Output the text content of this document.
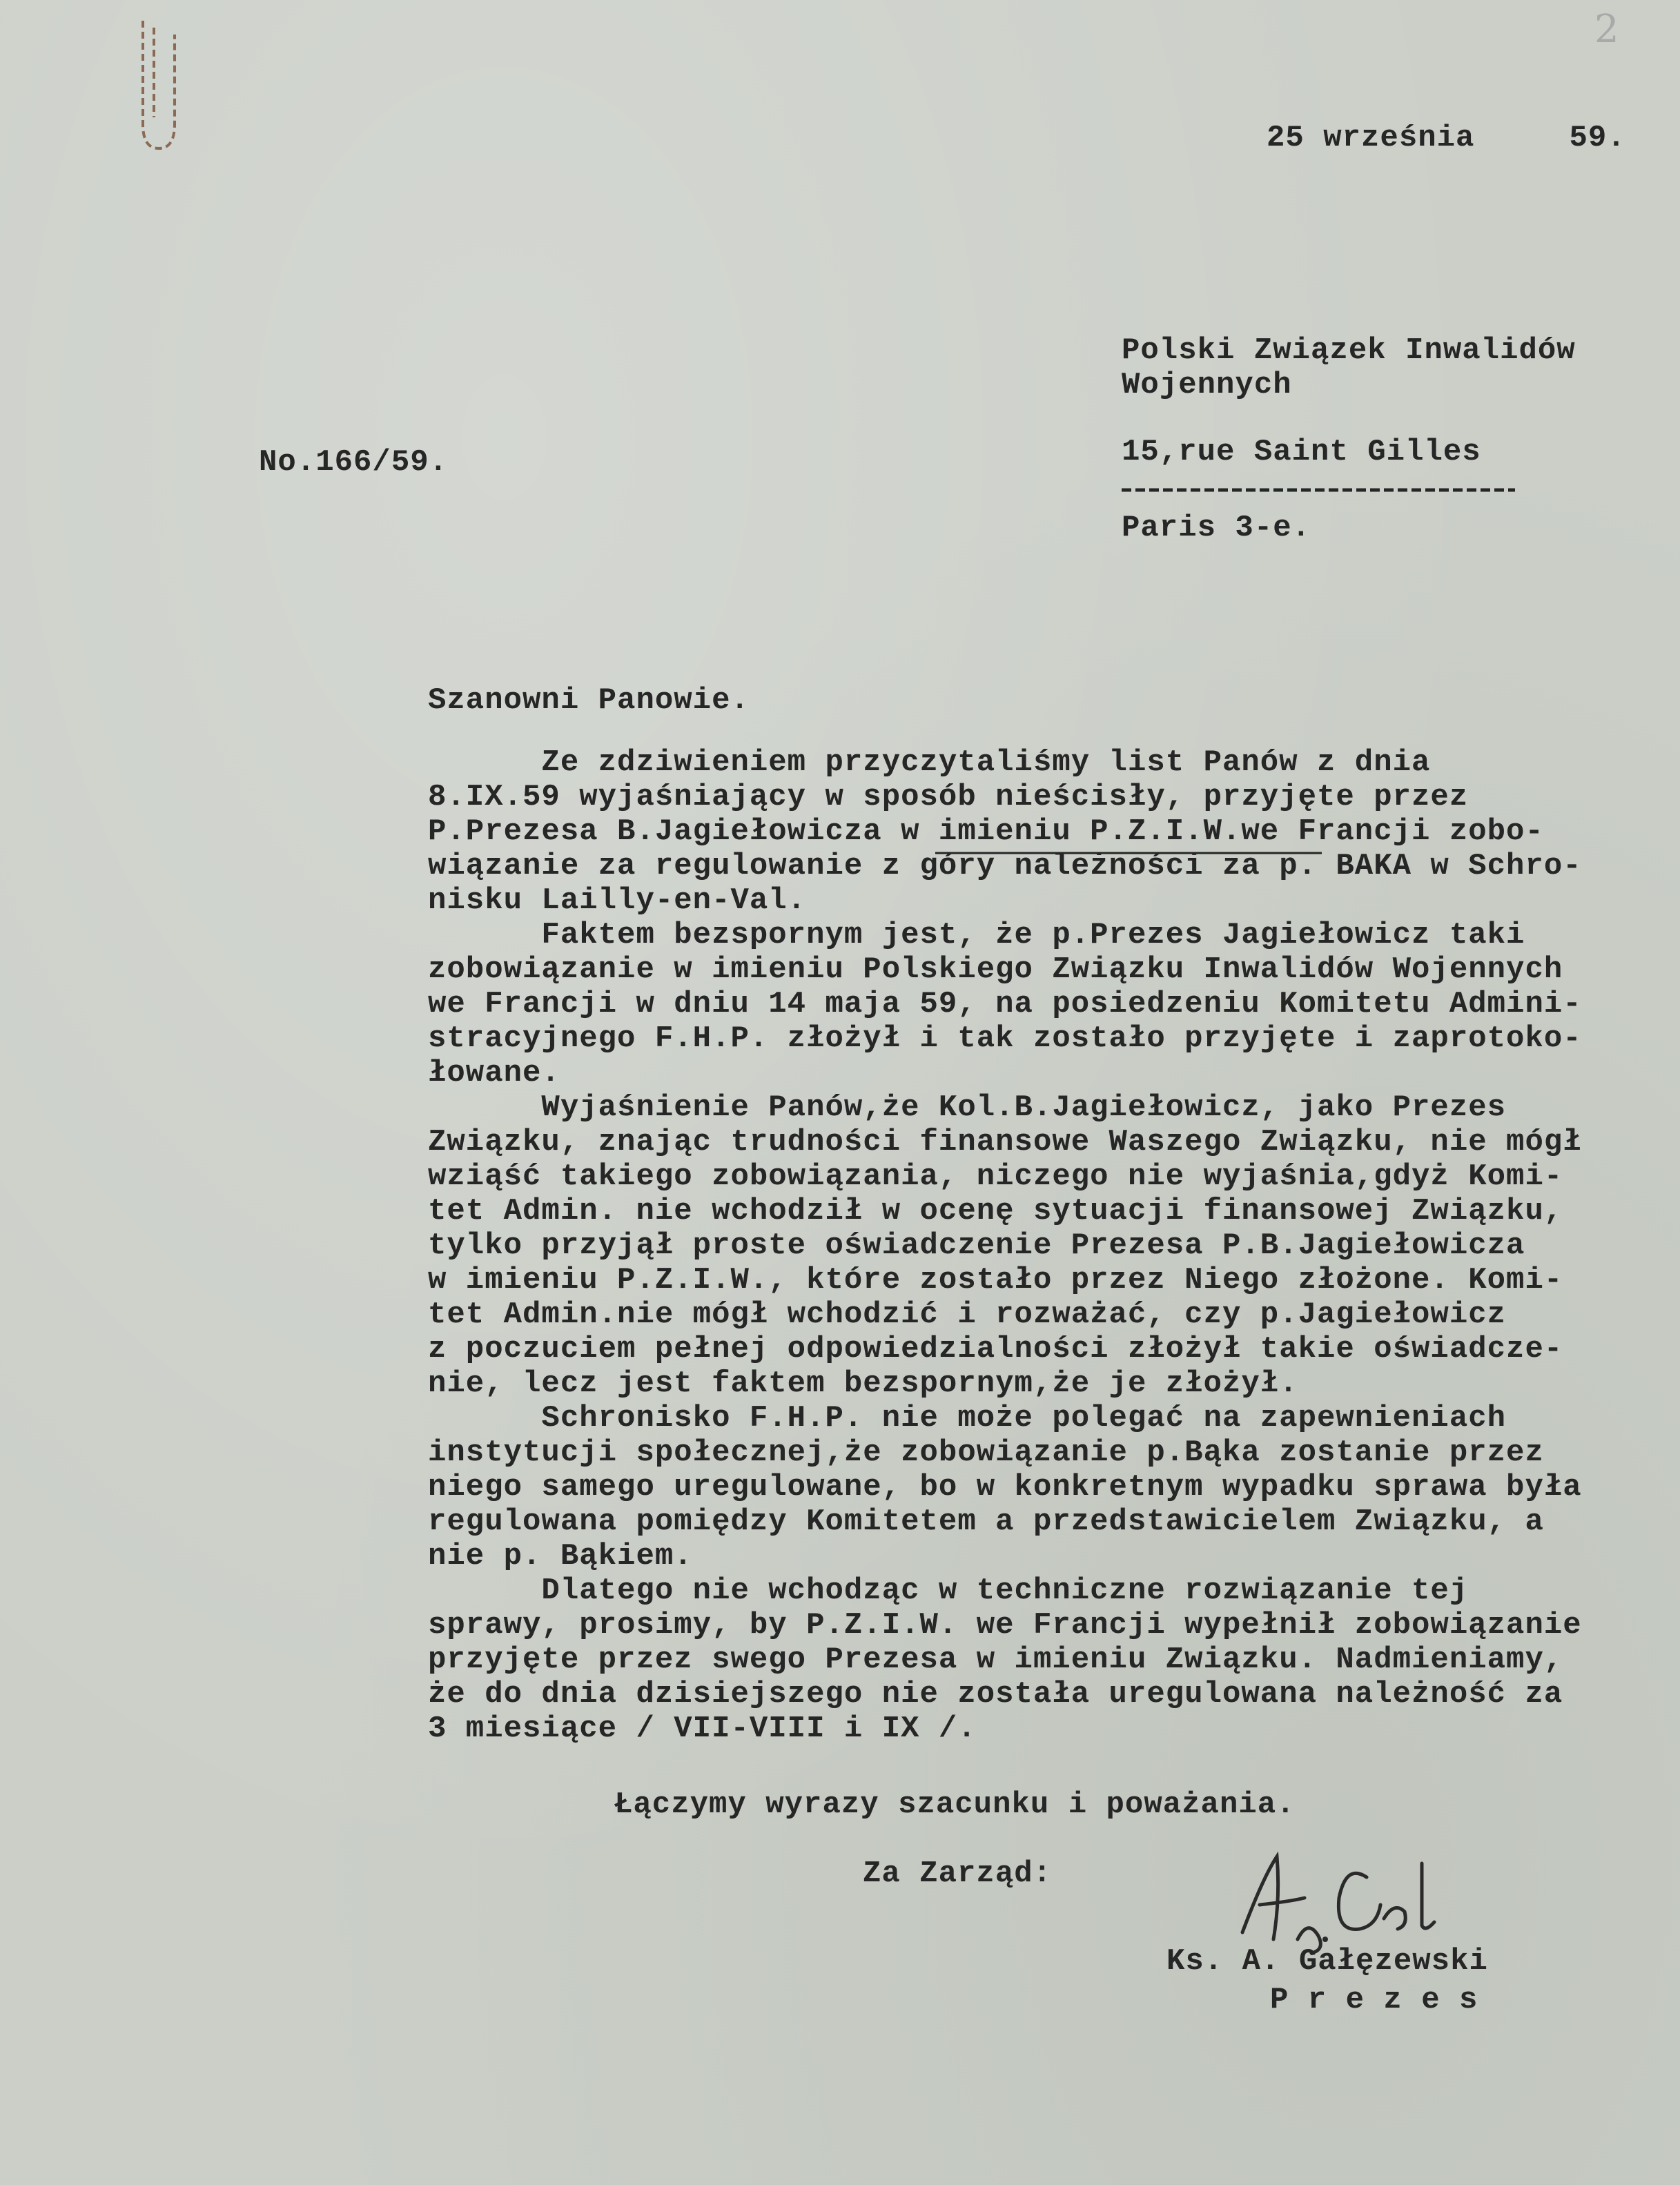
2
25 września     59.
Polski Związek Inwalidów
Wojennych
No.166/59.	15,rue Saint Gilles
Paris 3-e.
Szanowni Panowie.
Ze zdziwieniem przyczytaliśmy list Panów z dnia
8.IX.59 wyjaśniający w sposób nieścisły, przyjęte przez
P.Prezesa B.Jagiełowicza w imieniu P.Z.I.W.we Francji zobo-
wiązanie za regulowanie z góry należności za p. BAKA w Schro-
nisku Lailly-en-Val.
Faktem bezspornym jest, że p.Prezes Jagiełowicz taki
zobowiązanie w imieniu Polskiego Związku Inwalidów Wojennych
we Francji w dniu 14 maja 59, na posiedzeniu Komitetu Admini-
stracyjnego F.H.P. złożył i tak zostało przyjęte i zaprotoko-
łowane.
Wyjaśnienie Panów,że Kol.B.Jagiełowicz, jako Prezes
Związku, znając trudności finansowe Waszego Związku, nie mógł
wziąść takiego zobowiązania, niczego nie wyjaśnia,gdyż Komi-
tet Admin. nie wchodził w ocenę sytuacji finansowej Związku,
tylko przyjął proste oświadczenie Prezesa P.B.Jagiełowicza
w imieniu P.Z.I.W., które zostało przez Niego złożone. Komi-
tet Admin.nie mógł wchodzić i rozważać, czy p.Jagiełowicz
z poczuciem pełnej odpowiedzialności złożył takie oświadcze-
nie, lecz jest faktem bezspornym,że je złożył.
Schronisko F.H.P. nie może polegać na zapewnieniach
instytucji społecznej,że zobowiązanie p.Bąka zostanie przez
niego samego uregulowane, bo w konkretnym wypadku sprawa była
regulowana pomiędzy Komitetem a przedstawicielem Związku, a
nie p. Bąkiem.
Dlatego nie wchodząc w techniczne rozwiązanie tej
sprawy, prosimy, by P.Z.I.W. we Francji wypełnił zobowiązanie
przyjęte przez swego Prezesa w imieniu Związku. Nadmieniamy,
że do dnia dzisiejszego nie została uregulowana należność za
3 miesiące / VII-VIII i IX /.
Łączymy wyrazy szacunku i poważania.
Za Zarząd:
Ks. A. Gałęzewski
P r e z e s
